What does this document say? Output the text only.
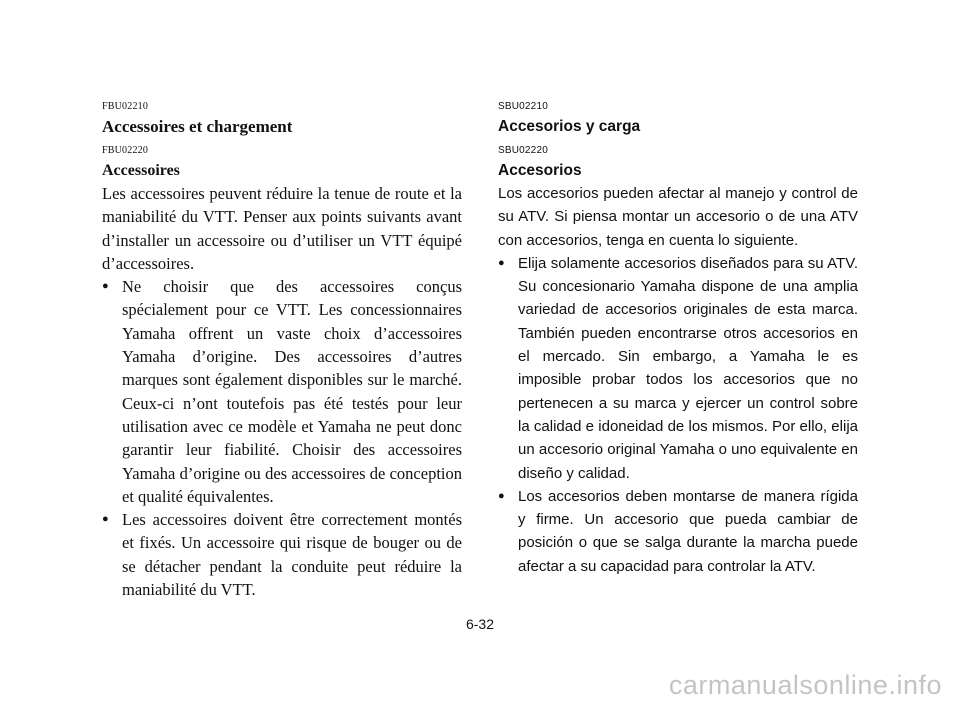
FBU02210
Accessoires et chargement
FBU02220
Accessoires

Les accessoires peuvent réduire la tenue de route et la maniabilité du VTT. Penser aux points suivants avant d’installer un accessoire ou d’utiliser un VTT équipé d’accessoires.

Ne choisir que des accessoires conçus spécialement pour ce VTT. Les concessionnaires Yamaha offrent un vaste choix d’accessoires Yamaha d’origine. Des accessoires d’autres marques sont également disponibles sur le marché. Ceux-ci n’ont toutefois pas été testés pour leur utilisation avec ce modèle et Yamaha ne peut donc garantir leur fiabilité. Choisir des accessoires Yamaha d’origine ou des accessoires de conception et qualité équivalentes.
Les accessoires doivent être correctement montés et fixés. Un accessoire qui risque de bouger ou de se détacher pendant la conduite peut réduire la maniabilité du VTT.
SBU02210
Accesorios y carga
SBU02220
Accesorios

Los accesorios pueden afectar al manejo y control de su ATV. Si piensa montar un accesorio o de una ATV con accesorios, tenga en cuenta lo siguiente.

Elija solamente accesorios diseñados para su ATV. Su concesionario Yamaha dispone de una amplia variedad de accesorios originales de esta marca. También pueden encontrarse otros accesorios en el mercado. Sin embargo, a Yamaha le es imposible probar todos los accesorios que no pertenecen a su marca y ejercer un control sobre la calidad e idoneidad de los mismos. Por ello, elija un accesorio original Yamaha o uno equivalente en diseño y calidad.
Los accesorios deben montarse de manera rígida y firme. Un accesorio que pueda cambiar de posición o que se salga durante la marcha puede afectar a su capacidad para controlar la ATV.
6-32
carmanualsonline.info
